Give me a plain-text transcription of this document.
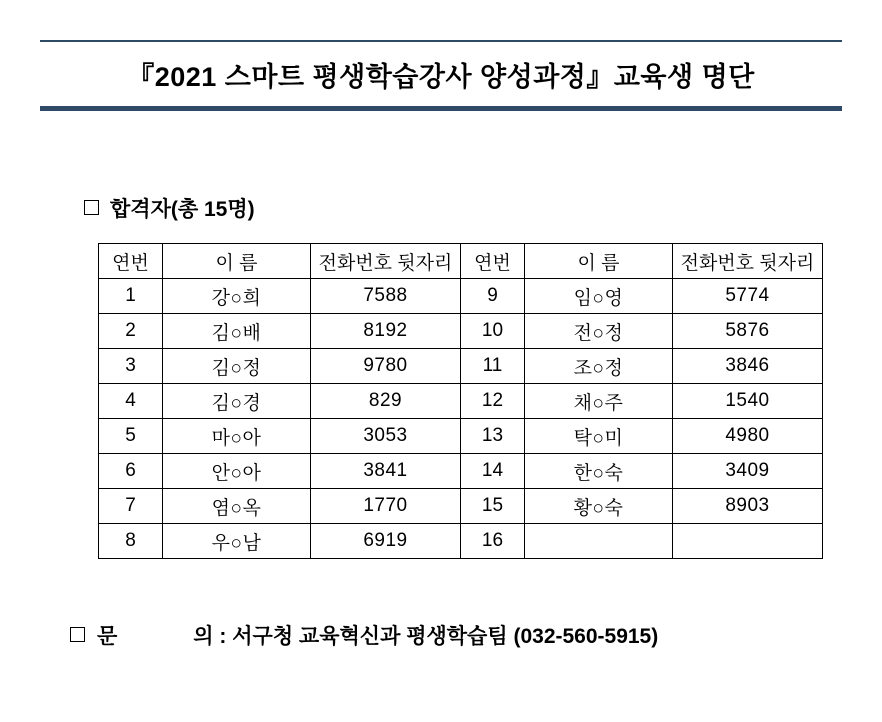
『2021 스마트 평생학습강사 양성과정』교육생 명단
합격자(총 15명)
연번	이 름	전화번호 뒷자리	연번	이 름	전화번호 뒷자리
1	강○희	7588	9	임○영	5774
2	김○배	8192	10	전○정	5876
3	김○정	9780	11	조○정	3846
4	김○경	829	12	채○주	1540
5	마○아	3053	13	탁○미	4980
6	안○아	3841	14	한○숙	3409
7	염○옥	1770	15	황○숙	8903
8	우○남	6919	16		
문	의 : 서구청 교육혁신과 평생학습팀 (032-560-5915)
